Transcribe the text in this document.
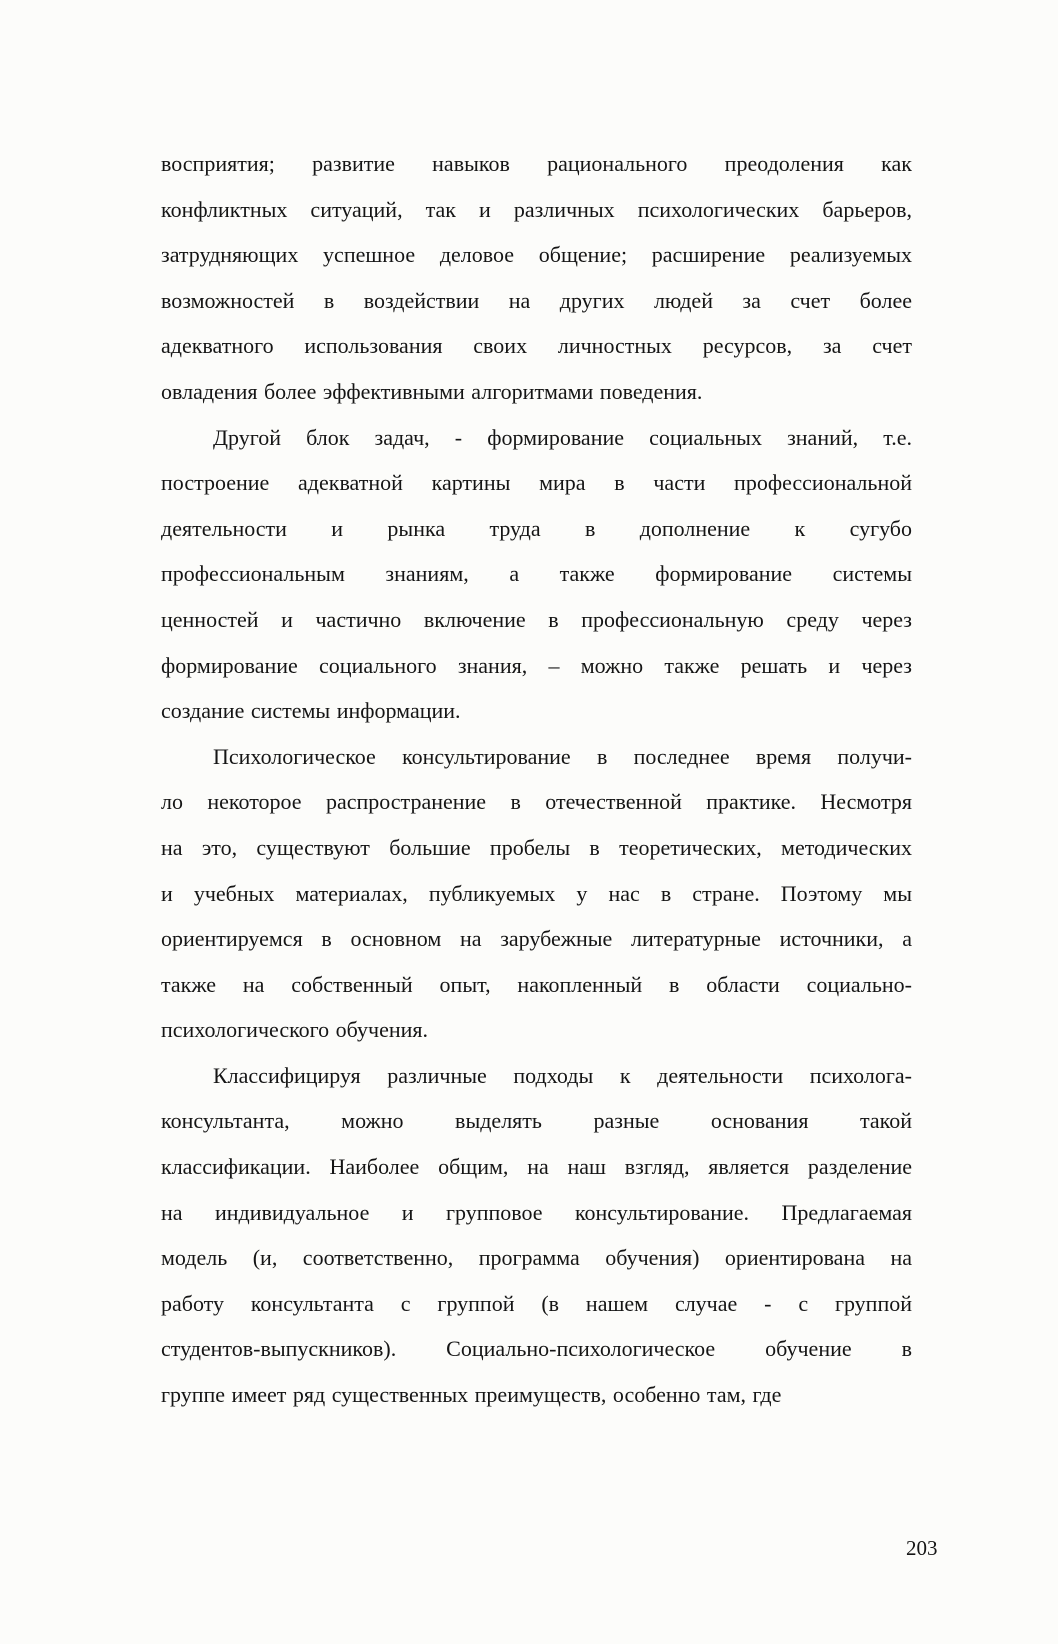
восприятия; развитие навыков рационального преодоления как
конфликтных ситуаций, так и различных психологических барьеров,
затрудняющих успешное деловое общение; расширение реализуемых
возможностей в воздействии на других людей за счет более
адекватного использования своих личностных ресурсов, за счет
овладения более эффективными алгоритмами поведения.
Другой блок задач, - формирование социальных знаний, т.е.
построение адекватной картины мира в части профессиональной
деятельности и рынка труда в дополнение к сугубо
профессиональным знаниям, а также формирование системы
ценностей и частично включение в профессиональную среду через
формирование социального знания, – можно также решать и через
создание системы информации.
Психологическое консультирование в последнее время получи-
ло некоторое распространение в отечественной практике. Несмотря
на это, существуют большие пробелы в теоретических, методических
и учебных материалах, публикуемых у нас в стране. Поэтому мы
ориентируемся в основном на зарубежные литературные источники, а
также на собственный опыт, накопленный в области социально-
психологического обучения.
Классифицируя различные подходы к деятельности психолога-
консультанта, можно выделять разные основания такой
классификации. Наиболее общим, на наш взгляд, является разделение
на индивидуальное и групповое консультирование. Предлагаемая
модель (и, соответственно, программа обучения) ориентирована на
работу консультанта с группой (в нашем случае - с группой
студентов-выпускников). Социально-психологическое обучение в
группе имеет ряд существенных преимуществ, особенно там, где
203
